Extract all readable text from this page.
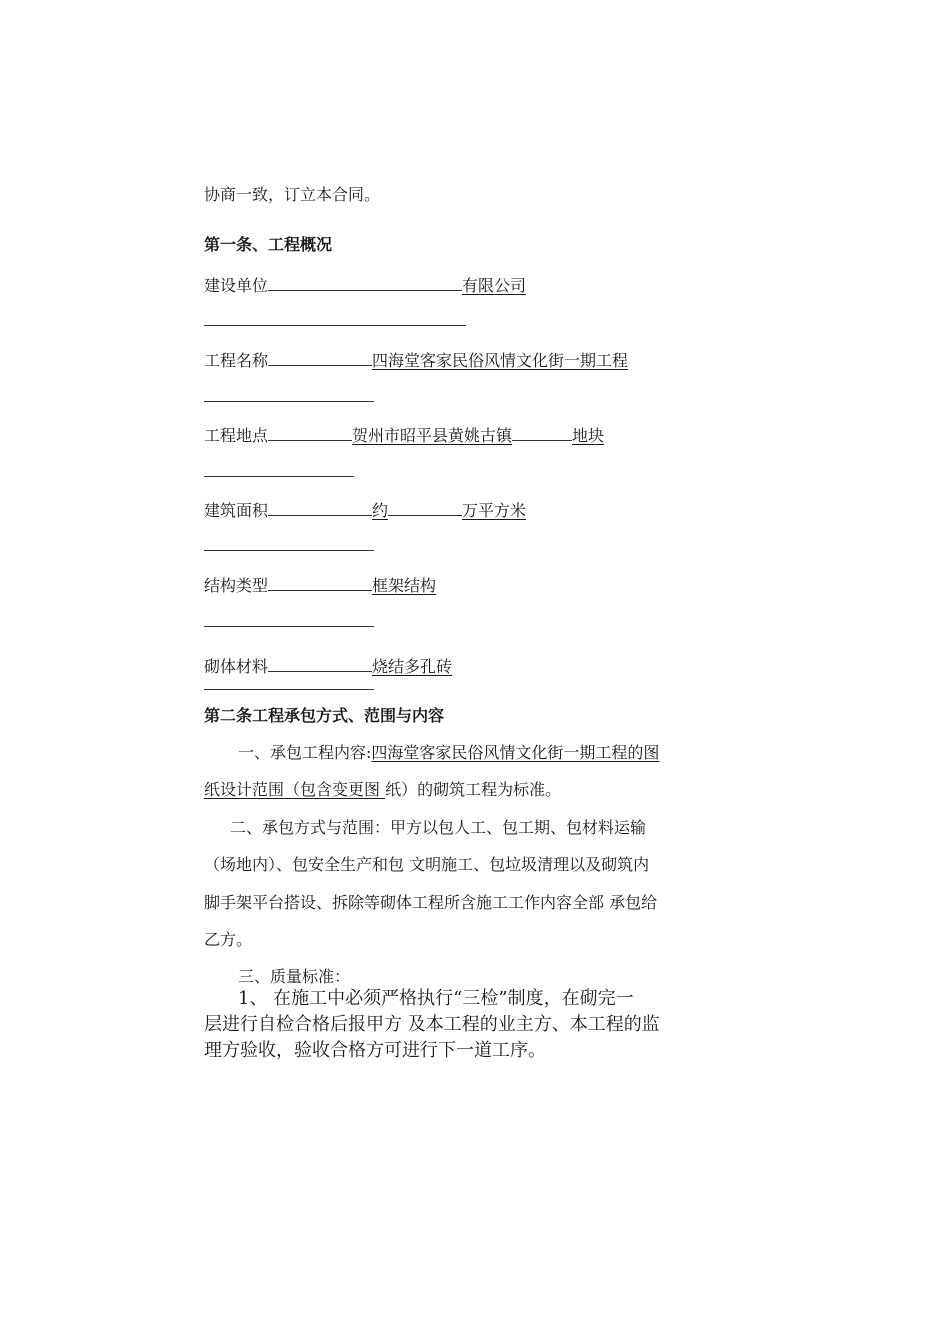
协商一致，订立本合同。
第一条、工程概况
建设单位	有限公司
工程名称	四海堂客家民俗风情文化街一期工程
工程地点	贺州市昭平县黄姚古镇	地块
建筑面积	约	万平方米
结构类型	框架结构
砌体材料	烧结多孔砖
第二条工程承包方式、范围与内容
一、承包工程内容:四海堂客家民俗风情文化街一期工程的图
纸设计范围（包含变更图 纸）的砌筑工程为标准。
二、承包方式与范围：甲方以包人工、包工期、包材料运输
（场地内）、包安全生产和包 文明施工、包垃圾清理以及砌筑内
脚手架平台搭设、拆除等砌体工程所含施工工作内容全部 承包给
乙方。
三、质量标准：
1、 在施工中必须严格执行“三检”制度，在砌完一
层进行自检合格后报甲方 及本工程的业主方、本工程的监
理方验收，验收合格方可进行下一道工序。
